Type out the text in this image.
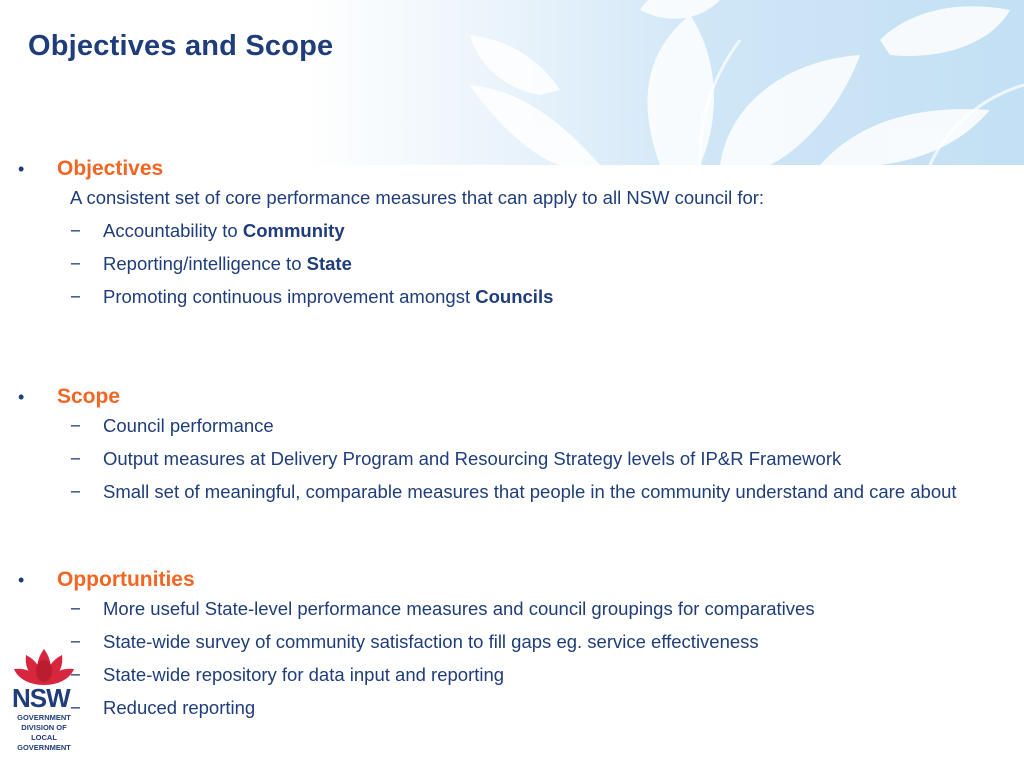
Objectives and Scope
• Objectives
A consistent set of core performance measures that can apply to all NSW council for:
− Accountability to Community
− Reporting/intelligence to State
− Promoting continuous improvement amongst Councils
• Scope
− Council performance
− Output measures at Delivery Program and Resourcing Strategy levels of IP&R Framework
− Small set of meaningful, comparable measures that people in the community understand and care about
• Opportunities
− More useful State-level performance measures and council groupings for comparatives
− State-wide survey of community satisfaction to fill gaps eg. service effectiveness
− State-wide repository for data input and reporting
− Reduced reporting
NSW
GOVERNMENT
DIVISION OF
LOCAL
GOVERNMENT
